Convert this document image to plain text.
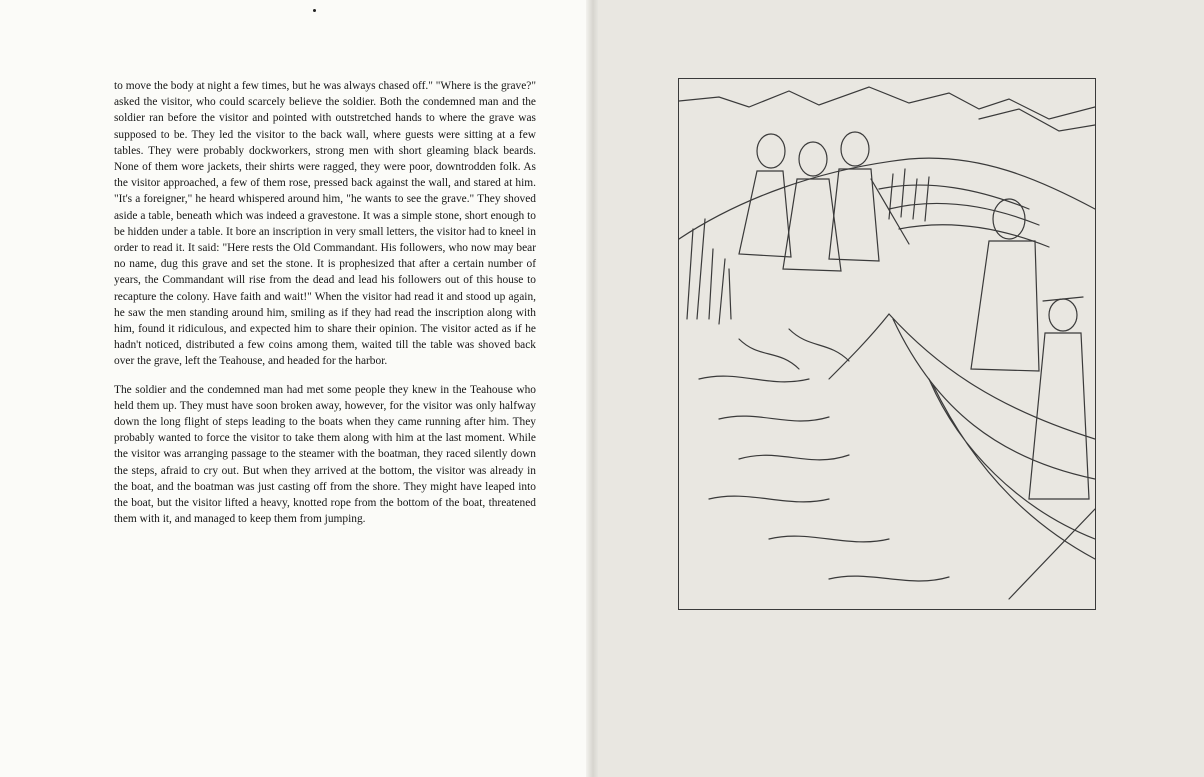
to move the body at night a few times, but he was always chased off." "Where is the grave?" asked the visitor, who could scarcely believe the soldier. Both the condemned man and the soldier ran before the visitor and pointed with outstretched hands to where the grave was supposed to be. They led the visitor to the back wall, where guests were sitting at a few tables. They were probably dockworkers, strong men with short gleaming black beards. None of them wore jackets, their shirts were ragged, they were poor, downtrodden folk. As the visitor approached, a few of them rose, pressed back against the wall, and stared at him. "It's a foreigner," he heard whispered around him, "he wants to see the grave." They shoved aside a table, beneath which was indeed a gravestone. It was a simple stone, short enough to be hidden under a table. It bore an inscription in very small letters, the visitor had to kneel in order to read it. It said: "Here rests the Old Commandant. His followers, who now may bear no name, dug this grave and set the stone. It is prophesized that after a certain number of years, the Commandant will rise from the dead and lead his followers out of this house to recapture the colony. Have faith and wait!" When the visitor had read it and stood up again, he saw the men standing around him, smiling as if they had read the inscription along with him, found it ridiculous, and expected him to share their opinion. The visitor acted as if he hadn't noticed, distributed a few coins among them, waited till the table was shoved back over the grave, left the Teahouse, and headed for the harbor.

The soldier and the condemned man had met some people they knew in the Teahouse who held them up. They must have soon broken away, however, for the visitor was only halfway down the long flight of steps leading to the boats when they came running after him. They probably wanted to force the visitor to take them along with him at the last moment. While the visitor was arranging passage to the steamer with the boatman, they raced silently down the steps, afraid to cry out. But when they arrived at the bottom, the visitor was already in the boat, and the boatman was just casting off from the shore. They might have leaped into the boat, but the visitor lifted a heavy, knotted rope from the bottom of the boat, threatened them with it, and managed to keep them from jumping.
